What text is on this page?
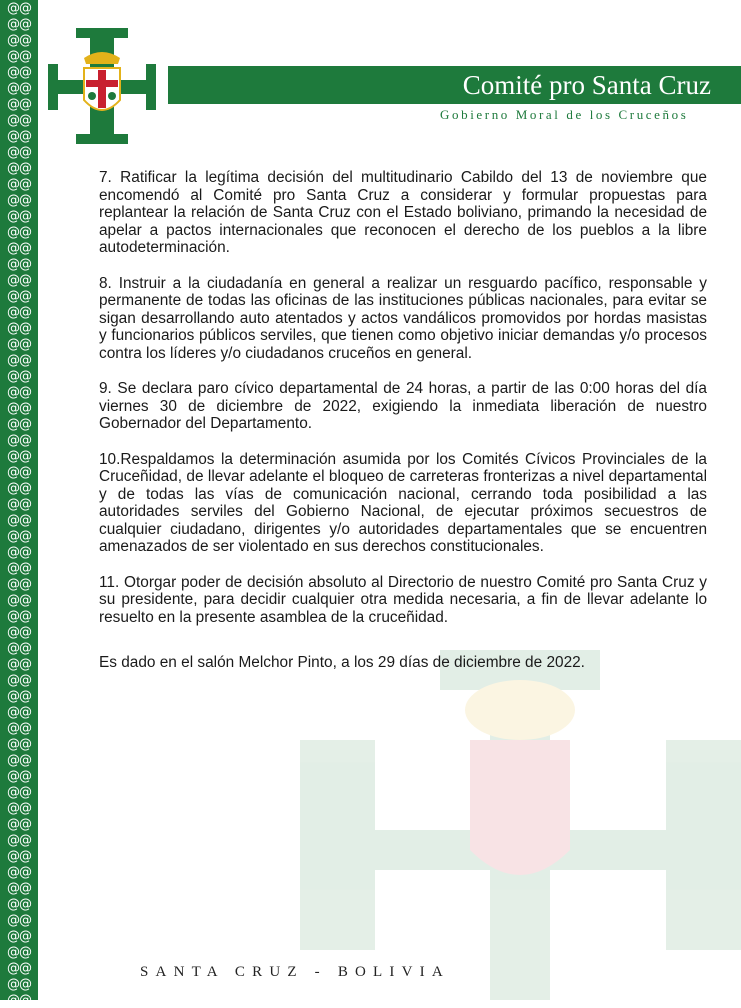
@@
@@
@@
@@
@@
@@
@@
@@
@@
@@
@@
@@
@@
@@
@@
@@
@@
@@
@@
@@
@@
@@
@@
@@
@@
@@
@@
@@
@@
@@
@@
@@
@@
@@
@@
@@
@@
@@
@@
@@
@@
@@
@@
@@
@@
@@
@@
@@
@@
@@
@@
@@
@@
@@
@@
@@
@@
@@
@@
@@
@@
@@
@@
Comité pro Santa Cruz
Gobierno Moral de los Cruceños

7. Ratificar la legítima decisión del multitudinario Cabildo del 13 de noviembre que encomendó al Comité pro Santa Cruz a considerar y formular propuestas para replantear la relación de Santa Cruz con el Estado boliviano, primando la necesidad de apelar a pactos internacionales que reconocen el derecho de los pueblos a la libre autodeterminación.

8. Instruir a la ciudadanía en general a realizar un resguardo pacífico, responsable y permanente de todas las oficinas de las instituciones públicas nacionales, para evitar se sigan desarrollando auto atentados y actos vandálicos promovidos por hordas masistas y funcionarios públicos serviles, que tienen como objetivo iniciar demandas y/o procesos contra los líderes y/o ciudadanos cruceños en general.

9. Se declara paro cívico departamental de 24 horas, a partir de las 0:00 horas del día viernes 30 de diciembre de 2022, exigiendo la inmediata liberación de nuestro Gobernador del Departamento.

10.Respaldamos la determinación asumida por los Comités Cívicos Provinciales de la Cruceñidad, de llevar adelante el bloqueo de carreteras fronterizas a nivel departamental y de todas las vías de comunicación nacional, cerrando toda posibilidad a las autoridades serviles del Gobierno Nacional, de ejecutar próximos secuestros de cualquier ciudadano, dirigentes y/o autoridades departamentales que se encuentren amenazados de ser violentado en sus derechos constitucionales.

11. Otorgar poder de decisión absoluto al Directorio de nuestro Comité pro Santa Cruz y su presidente, para decidir cualquier otra medida necesaria, a fin de llevar adelante lo resuelto en la presente asamblea de la cruceñidad.

Es dado en el salón Melchor Pinto, a los 29 días de diciembre de 2022.

SANTA CRUZ - BOLIVIA
